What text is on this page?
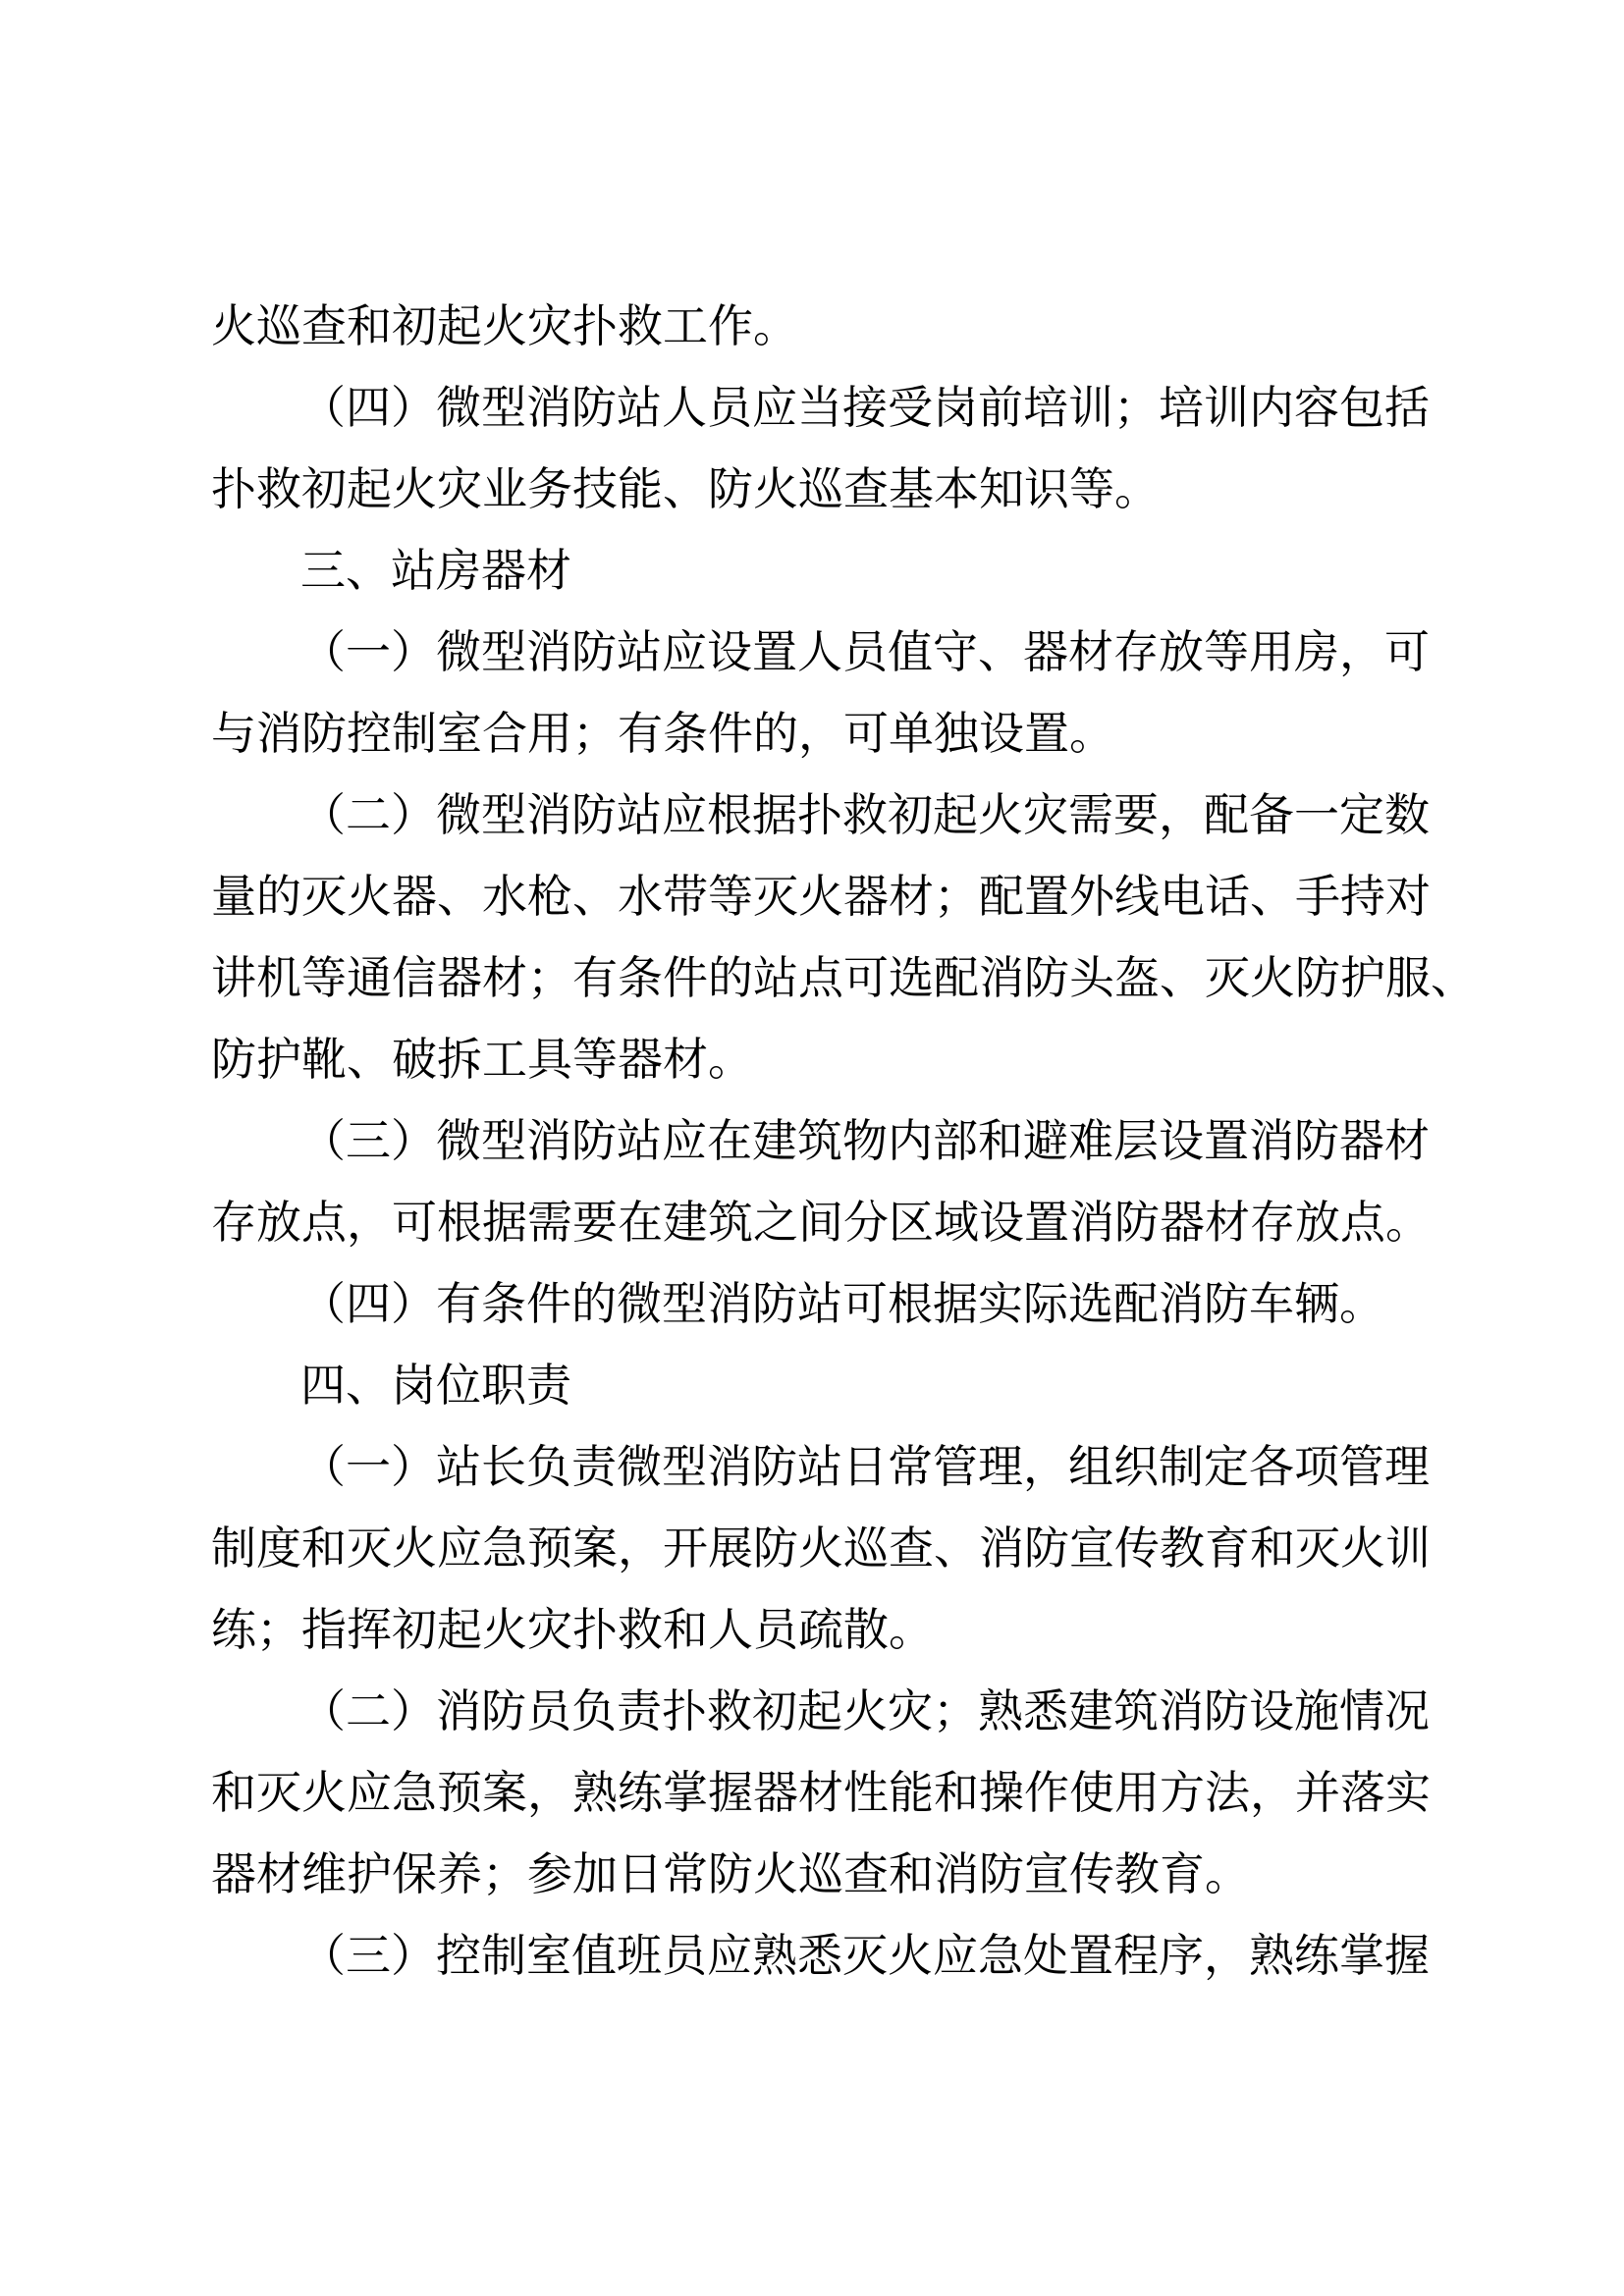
火巡查和初起火灾扑救工作。
（四）微型消防站人员应当接受岗前培训；培训内容包括
扑救初起火灾业务技能、防火巡查基本知识等。
三、站房器材
（一）微型消防站应设置人员值守、器材存放等用房，可
与消防控制室合用；有条件的，可单独设置。
（二）微型消防站应根据扑救初起火灾需要，配备一定数
量的灭火器、水枪、水带等灭火器材；配置外线电话、手持对
讲机等通信器材；有条件的站点可选配消防头盔、灭火防护服、
防护靴、破拆工具等器材。
（三）微型消防站应在建筑物内部和避难层设置消防器材
存放点，可根据需要在建筑之间分区域设置消防器材存放点。
（四）有条件的微型消防站可根据实际选配消防车辆。
四、岗位职责
（一）站长负责微型消防站日常管理，组织制定各项管理
制度和灭火应急预案，开展防火巡查、消防宣传教育和灭火训
练；指挥初起火灾扑救和人员疏散。
（二）消防员负责扑救初起火灾；熟悉建筑消防设施情况
和灭火应急预案，熟练掌握器材性能和操作使用方法，并落实
器材维护保养；参加日常防火巡查和消防宣传教育。
（三）控制室值班员应熟悉灭火应急处置程序，熟练掌握
